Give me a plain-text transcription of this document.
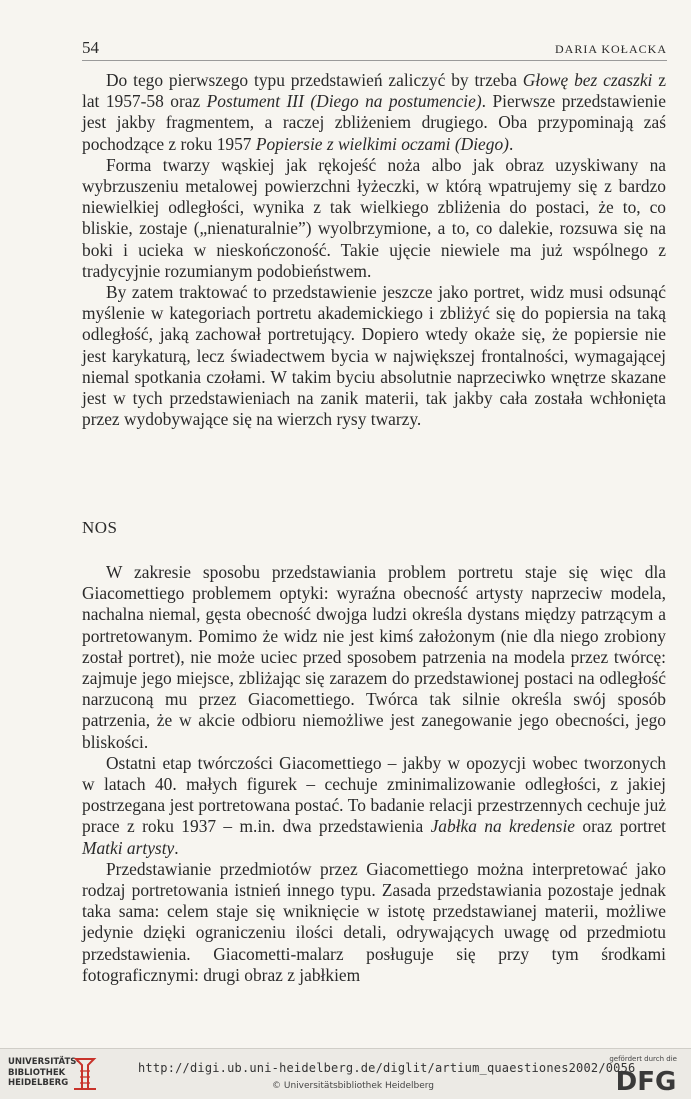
54	DARIA KOŁACKA

Do tego pierwszego typu przedstawień zaliczyć by trzeba Głowę bez czaszki z lat 1957-58 oraz Postument III (Diego na postumencie). Pierwsze przedstawienie jest jakby fragmentem, a raczej zbliżeniem drugiego. Oba przypominają zaś pochodzące z roku 1957 Popiersie z wielkimi oczami (Diego).

Forma twarzy wąskiej jak rękojeść noża albo jak obraz uzyskiwany na wybrzuszeniu metalowej powierzchni łyżeczki, w którą wpatrujemy się z bardzo niewielkiej odległości, wynika z tak wielkiego zbliżenia do postaci, że to, co bliskie, zostaje („nienaturalnie”) wyolbrzymione, a to, co dalekie, rozsuwa się na boki i ucieka w nieskończoność. Takie ujęcie niewiele ma już wspólnego z tradycyjnie rozumianym podobieństwem.

By zatem traktować to przedstawienie jeszcze jako portret, widz musi odsunąć myślenie w kategoriach portretu akademickiego i zbliżyć się do popiersia na taką odległość, jaką zachował portretujący. Dopiero wtedy okaże się, że popiersie nie jest karykaturą, lecz świadectwem bycia w największej frontalności, wymagającej niemal spotkania czołami. W takim byciu absolutnie naprzeciwko wnętrze skazane jest w tych przedstawieniach na zanik materii, tak jakby cała została wchłonięta przez wydobywające się na wierzch rysy twarzy.

NOS

W zakresie sposobu przedstawiania problem portretu staje się więc dla Giacomettiego problemem optyki: wyraźna obecność artysty naprzeciw modela, nachalna niemal, gęsta obecność dwojga ludzi określa dystans między patrzącym a portretowanym. Pomimo że widz nie jest kimś założonym (nie dla niego zrobiony został portret), nie może uciec przed sposobem patrzenia na modela przez twórcę: zajmuje jego miejsce, zbliżając się zarazem do przedstawionej postaci na odległość narzuconą mu przez Giacomettiego. Twórca tak silnie określa swój sposób patrzenia, że w akcie odbioru niemożliwe jest zanegowanie jego obecności, jego bliskości.

Ostatni etap twórczości Giacomettiego – jakby w opozycji wobec tworzonych w latach 40. małych figurek – cechuje zminimalizowanie odległości, z jakiej postrzegana jest portretowana postać. To badanie relacji przestrzennych cechuje już prace z roku 1937 – m.in. dwa przedstawienia Jabłka na kredensie oraz portret Matki artysty.

Przedstawianie przedmiotów przez Giacomettiego można interpretować jako rodzaj portretowania istnień innego typu. Zasada przedstawiania pozostaje jednak taka sama: celem staje się wniknięcie w istotę przedstawianej materii, możliwe jedynie dzięki ograniczeniu ilości detali, odrywających uwagę od przedmiotu przedstawienia. Giacometti-malarz posługuje się przy tym środkami fotograficznymi: drugi obraz z jabłkiem

UNIVERSITÄTS-
BIBLIOTHEK
HEIDELBERG
http://digi.ub.uni-heidelberg.de/diglit/artium_quaestiones2002/0056
© Universitätsbibliothek Heidelberg
gefördert durch die
DFG
